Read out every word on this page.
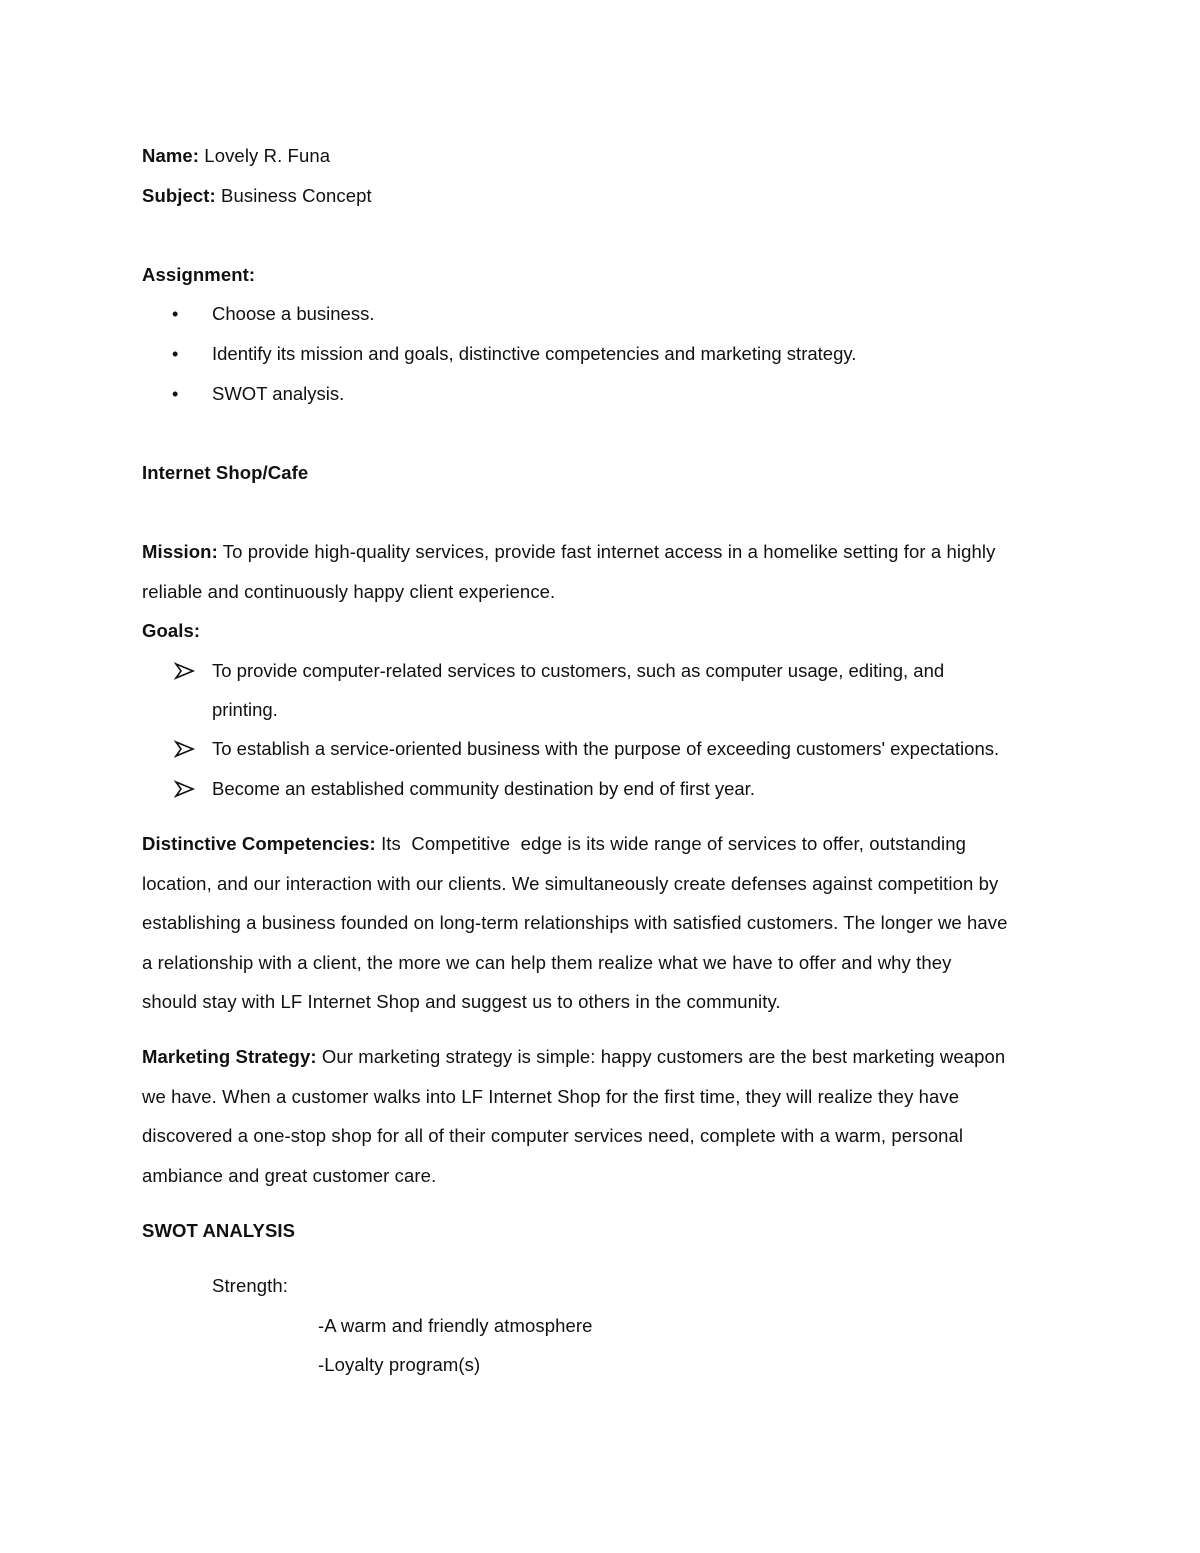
Name: Lovely R. Funa
Subject: Business Concept
Assignment:
• Choose a business.
• Identify its mission and goals, distinctive competencies and marketing strategy.
• SWOT analysis.
Internet Shop/Cafe
Mission: To provide high-quality services, provide fast internet access in a homelike setting for a highly
reliable and continuously happy client experience.
Goals:
To provide computer-related services to customers, such as computer usage, editing, and
printing.
To establish a service-oriented business with the purpose of exceeding customers' expectations.
Become an established community destination by end of first year.
Distinctive Competencies: Its  Competitive  edge is its wide range of services to offer, outstanding
location, and our interaction with our clients. We simultaneously create defenses against competition by
establishing a business founded on long-term relationships with satisfied customers. The longer we have
a relationship with a client, the more we can help them realize what we have to offer and why they
should stay with LF Internet Shop and suggest us to others in the community.
Marketing Strategy: Our marketing strategy is simple: happy customers are the best marketing weapon
we have. When a customer walks into LF Internet Shop for the first time, they will realize they have
discovered a one-stop shop for all of their computer services need, complete with a warm, personal
ambiance and great customer care.
SWOT ANALYSIS
Strength:
-A warm and friendly atmosphere
-Loyalty program(s)
